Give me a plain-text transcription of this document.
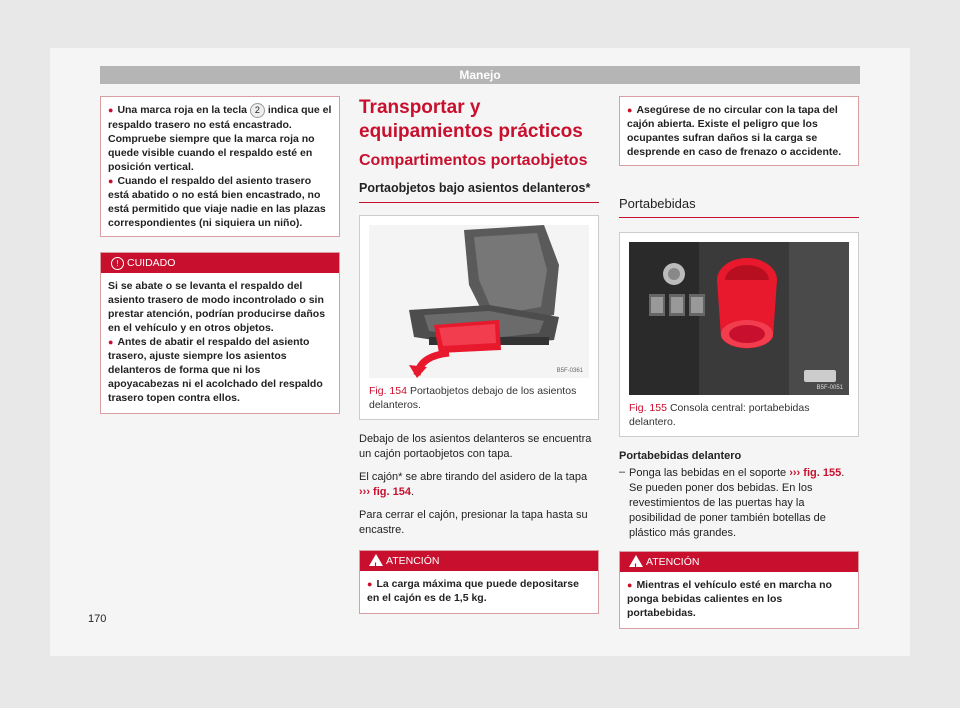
Manejo

● Una marca roja en la tecla 2 indica que el respaldo trasero no está encastrado. Compruebe siempre que la marca roja no quede visible cuando el respaldo esté en posición vertical.

● Cuando el respaldo del asiento trasero está abatido o no está bien encastrado, no está permitido que viaje nadie en las plazas correspondientes (ni siquiera un niño).

! CUIDADO

Si se abate o se levanta el respaldo del asiento trasero de modo incontrolado o sin prestar atención, podrían producirse daños en el vehículo y en otros objetos.

● Antes de abatir el respaldo del asiento trasero, ajuste siempre los asientos delanteros de forma que ni los apoyacabezas ni el acolchado del respaldo trasero topen contra ellos.

Transportar y equipamientos prácticos
Compartimentos portaobjetos
Portaobjetos bajo asientos delanteros*
B5F-0361
Fig. 154 Portaobjetos debajo de los asientos delanteros.

Debajo de los asientos delanteros se encuentra un cajón portaobjetos con tapa.

El cajón* se abre tirando del asidero de la tapa ››› fig. 154.

Para cerrar el cajón, presionar la tapa hasta su encastre.

! ATENCIÓN

● La carga máxima que puede depositarse en el cajón es de 1,5 kg.

● Asegúrese de no circular con la tapa del cajón abierta. Existe el peligro que los ocupantes sufran daños si la carga se desprende en caso de frenazo o accidente.

Portabebidas
B5F-0051
Fig. 155 Consola central: portabebidas delantero.

Portabebidas delantero

– Ponga las bebidas en el soporte ››› fig. 155. Se pueden poner dos bebidas. En los revestimientos de las puertas hay la posibilidad de poner también botellas de plástico más grandes.

! ATENCIÓN

● Mientras el vehículo esté en marcha no ponga bebidas calientes en los portabebidas.

170
